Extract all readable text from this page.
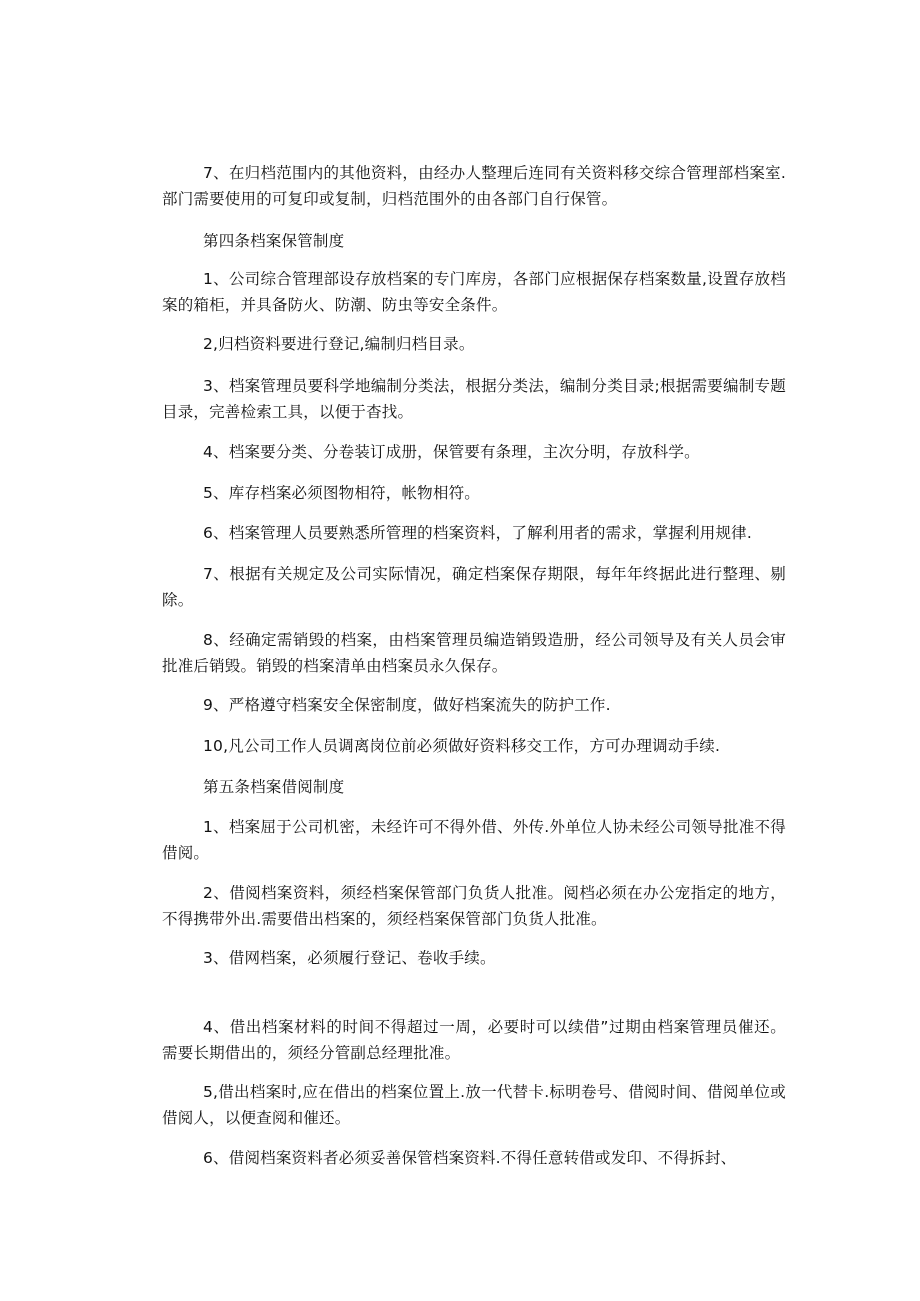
7、在归档范围内的其他资料，由经办人整理后连同有关资料移交综合管理部档案室.部门需要使用的可复印或复制，归档范围外的由各部门自行保管。

第四条档案保管制度

1、公司综合管理部设存放档案的专门库房，各部门应根据保存档案数量,设置存放档案的箱柜，并具备防火、防潮、防虫等安全条件。

2,归档资料要进行登记,编制归档目录。

3、档案管理员要科学地编制分类法，根据分类法，编制分类目录;根据需要编制专题目录，完善检索工具，以便于杳找。

4、档案要分类、分卷装订成册，保管要有条理，主次分明，存放科学。

5、库存档案必须图物相符，帐物相符。

6、档案管理人员要熟悉所管理的档案资料，了解利用者的需求，掌握利用规律.

7、根据有关规定及公司实际情况，确定档案保存期限，每年年终据此进行整理、剔除。

8、经确定需销毁的档案，由档案管理员编造销毁造册，经公司领导及有关人员会审批准后销毁。销毁的档案清单由档案员永久保存。

9、严格遵守档案安全保密制度，做好档案流失的防护工作.

10,凡公司工作人员调离岗位前必须做好资料移交工作，方可办理调动手续.

第五条档案借阅制度

1、档案屈于公司机密，未经许可不得外借、外传.外单位人协未经公司领导批准不得借阅。

2、借阅档案资料，须经档案保管部门负货人批准。阅档必须在办公宠指定的地方，不得携带外出.需要借出档案的，须经档案保管部门负货人批准。

3、借网档案，必须履行登记、卷收手续。

4、借出档案材料的时间不得超过一周，必要时可以续借”过期由档案管理员催还。需要长期借出的，须经分管副总经理批准。

5,借出档案时,应在借出的档案位置上.放一代替卡.标明卷号、借阅时间、借阅单位或借阅人，以便查阅和催还。

6、借阅档案资料者必须妥善保管档案资料.不得任意转借或发印、不得拆封、
